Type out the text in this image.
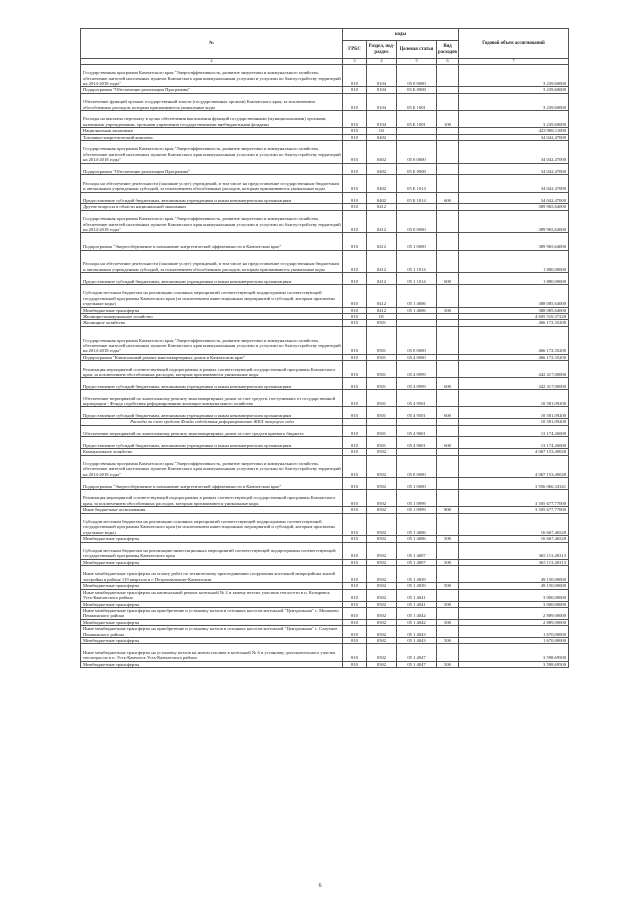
№	коды				Годовой объем ассигнований
	ГРБС	Раздел, под-раздел	Целевая статья	Вид расходов	
2	3	4	5	6	7
Государственная программа Камчатского края "Энергоэффективность, развитие энергетики и коммунального хозяйства, обеспечение жителей населенных пунктов Камчатского края коммунальными услугами и услугами по благоустройству территорий на 2014-2018 годы"	810	0104	05 0 0000		3 239,60000
Подпрограмма "Обеспечение реализации Программы"	810	0104	05 Б 0000		3 239,60000
Обеспечение функций органов государственной власти (государственных органов) Камчатского края, за исключением обособленных расходов, которым присваиваются уникальные коды	810	0104	05 Б 1001		3 239,60000
Расходы на выплаты персоналу в целях обеспечения выполнения функций государственными (муниципальными) органами, казенными учреждениями, органами управления государственными внебюджетными фондами	810	0104	05 Б 1001	100	3 239,60000
Национальная экономика	810	04			423 988,11000
Топливно-энергетический комплекс	810	0402			34 042,47000
Государственная программа Камчатского края "Энергоэффективность, развитие энергетики и коммунального хозяйства, обеспечение жителей населенных пунктов Камчатского края коммунальными услугами и услугами по благоустройству территорий на 2014-2018 годы"	810	0402	05 0 0000		34 042,47000
Подпрограмма "Обеспечение реализации Программы"	810	0402	05 Б 0000		34 042,47000
Расходы на обеспечение деятельности (оказание услуг) учреждений, в том числе на предоставление государственным бюджетным и автономным учреждениям субсидий, за исключением обособленных расходов, которым присваиваются уникальные коды	810	0402	05 Б 1014		34 042,47000
Предоставление субсидий бюджетным, автономным учреждениям и иным некоммерческим организациям	810	0402	05 Б 1014	600	34 042,47000
Другие вопросы в области национальной экономики	810	0412			389 965,64000
Государственная программа Камчатского края "Энергоэффективность, развитие энергетики и коммунального хозяйства, обеспечение жителей населенных пунктов Камчатского края коммунальными услугами и услугами по благоустройству территорий на 2014-2018 годы"	810	0412	05 0 0000		389 965,64000
Подпрограмма "Энергосбережение и повышение энергетической эффективности в Камчатском крае"	810	0412	05 1 0000		389 965,64000
Расходы на обеспечение деятельности (оказание услуг) учреждений, в том числе на предоставление государственным бюджетным и автономным учреждениям субсидий, за исключением обособленных расходов, которым присваиваются уникальные коды	810	0412	05 1 1014		1 880,00000
Предоставление субсидий бюджетным, автономным учреждениям и иным некоммерческим организациям	810	0412	05 1 1014	600	1 880,00000
Субсидии местным бюджетам на реализацию основных мероприятий соответствующей подпрограммы соответствующей государственной программы Камчатского края (за исключением инвестиционных мероприятий и субсидий, которым присвоены отдельные коды)	810	0412	05 1 4006		388 085,64000
Межбюджетные трансферты	810	0412	05 1 4006	500	388 085,64000
Жилищно-коммунальное хозяйство	810	05			4 605 510,37228
Жилищное хозяйство	810	0501			466 172,35200
Государственная программа Камчатского края "Энергоэффективность, развитие энергетики и коммунального хозяйства, обеспечение жителей населенных пунктов Камчатского края коммунальными услугами и услугами по благоустройству территорий на 2014-2018 годы"	810	0501	05 0 0000		466 172,35200
Подпрограмма "Капитальный ремонт многоквартирных домов в Камчатском крае"	810	0501	05 4 0000		466 172,35200
Реализация мероприятий соответствующей подпрограммы в рамках соответствующей государственной программы Камчатского края, за исключением обособленных расходов, которым присваиваются уникальные коды	810	0501	05 4 0999		442 417,00000
Предоставление субсидий бюджетным, автономным учреждениям и иным некоммерческим организациям	810	0501	05 4 0999	600	442 417,00000
Обеспечение мероприятий по капитальному ремонту многоквартирных домов за счет средств, поступивших от государственной корпорации - Фонда содействия реформированию жилищно-коммунального хозяйства	810	0501	05 4 9501		10 581,09200
Предоставление субсидий бюджетным, автономным учреждениям и иным некоммерческим организациям	810	0501	05 4 9501	600	10 581,09200
Расходы за счет средств Фонда содействия реформированию ЖКХ текущего года					10 581,09200
Обеспечение мероприятий по капитальному ремонту многоквартирных домов за счет средств краевого бюджета	810	0501	05 4 9601		13 174,26000
Предоставление субсидий бюджетным, автономным учреждениям и иным некоммерческим организациям	810	0501	05 4 9601	600	13 174,26000
Коммунальное хозяйство	810	0502			4 067 153,49028
Государственная программа Камчатского края "Энергоэффективность, развитие энергетики и коммунального хозяйства, обеспечение жителей населенных пунктов Камчатского края коммунальными услугами и услугами по благоустройству территорий на 2014-2018 годы"	810	0502	05 0 0000		4 067 153,49028
Подпрограмма "Энергосбережение и повышение энергетической эффективности в Камчатском крае"	810	0502	05 1 0000		3 956 066,33341
Реализация мероприятий соответствующей подпрограммы в рамках соответствующей государственной программы Камчатского края, за исключением обособленных расходов, которым присваиваются уникальные коды	810	0502	05 1 0999		3 505 677,77000
Иные бюджетные ассигнования	810	0502	05 1 0999	800	3 505 677,77000
Субсидии местным бюджетам на реализацию основных мероприятий соответствующей подпрограммы соответствующей государственной программы Камчатского края (за исключением инвестиционных мероприятий и субсидий, которым присвоены отдельные коды)	810	0502	05 1 4006		16 667,46528
Межбюджетные трансферты	810	0502	05 1 4006	500	16 667,46528
Субсидии местным бюджетам на реализацию инвестиционных мероприятий соответствующей подпрограммы соответствующей государственной программы Камчатского края	810	0502	05 1 4007		365 113,40313
Межбюджетные трансферты	810	0502	05 1 4007	500	365 113,40313
Иные межбюджетные трансферты на оплату работ по техническому присоединению сооружения котельной микрорайона жилой застройки в районе 119 квартала в г. Петропавловске-Камчатском	810	0502	05 1 4039		49 150,00000
Межбюджетные трансферты	810	0502	05 1 4039	500	49 150,00000
Иные межбюджетные трансферты на капитальный ремонт котельной № 2 и замену ветхих участков теплосети в п. Козыревск Усть-Камчатского района	810	0502	05 1 4041		3 000,00000
Межбюджетные трансферты	810	0502	05 1 4041	500	3 000,00000
Иные межбюджетные трансферты на приобретение и установку котлов в сезонных насосов котельной "Центральная" с. Мильково Пенжинского района	810	0502	05 1 4042		2 889,00000
Межбюджетные трансферты	810	0502	05 1 4042	500	2 889,00000
Иные межбюджетные трансферты на приобретение и установку котлов в сезонных насосов котельной "Центральная" с. Слаутное Пенжинского района	810	0502	05 1 4043		1 670,00000
Межбюджетные трансферты	810	0502	05 1 4043	500	1 670,00000
Иные межбюджетные трансферты на установку котлов на новом топливе в котельной № 6 и установку дополнительного участка теплотрассы в п. Усть-Камчатск Усть-Камчатского района	810	0502	05 1 4047		3 598,69500
Межбюджетные трансферты	810	0502	05 1 4047	500	3 598,69500
6
